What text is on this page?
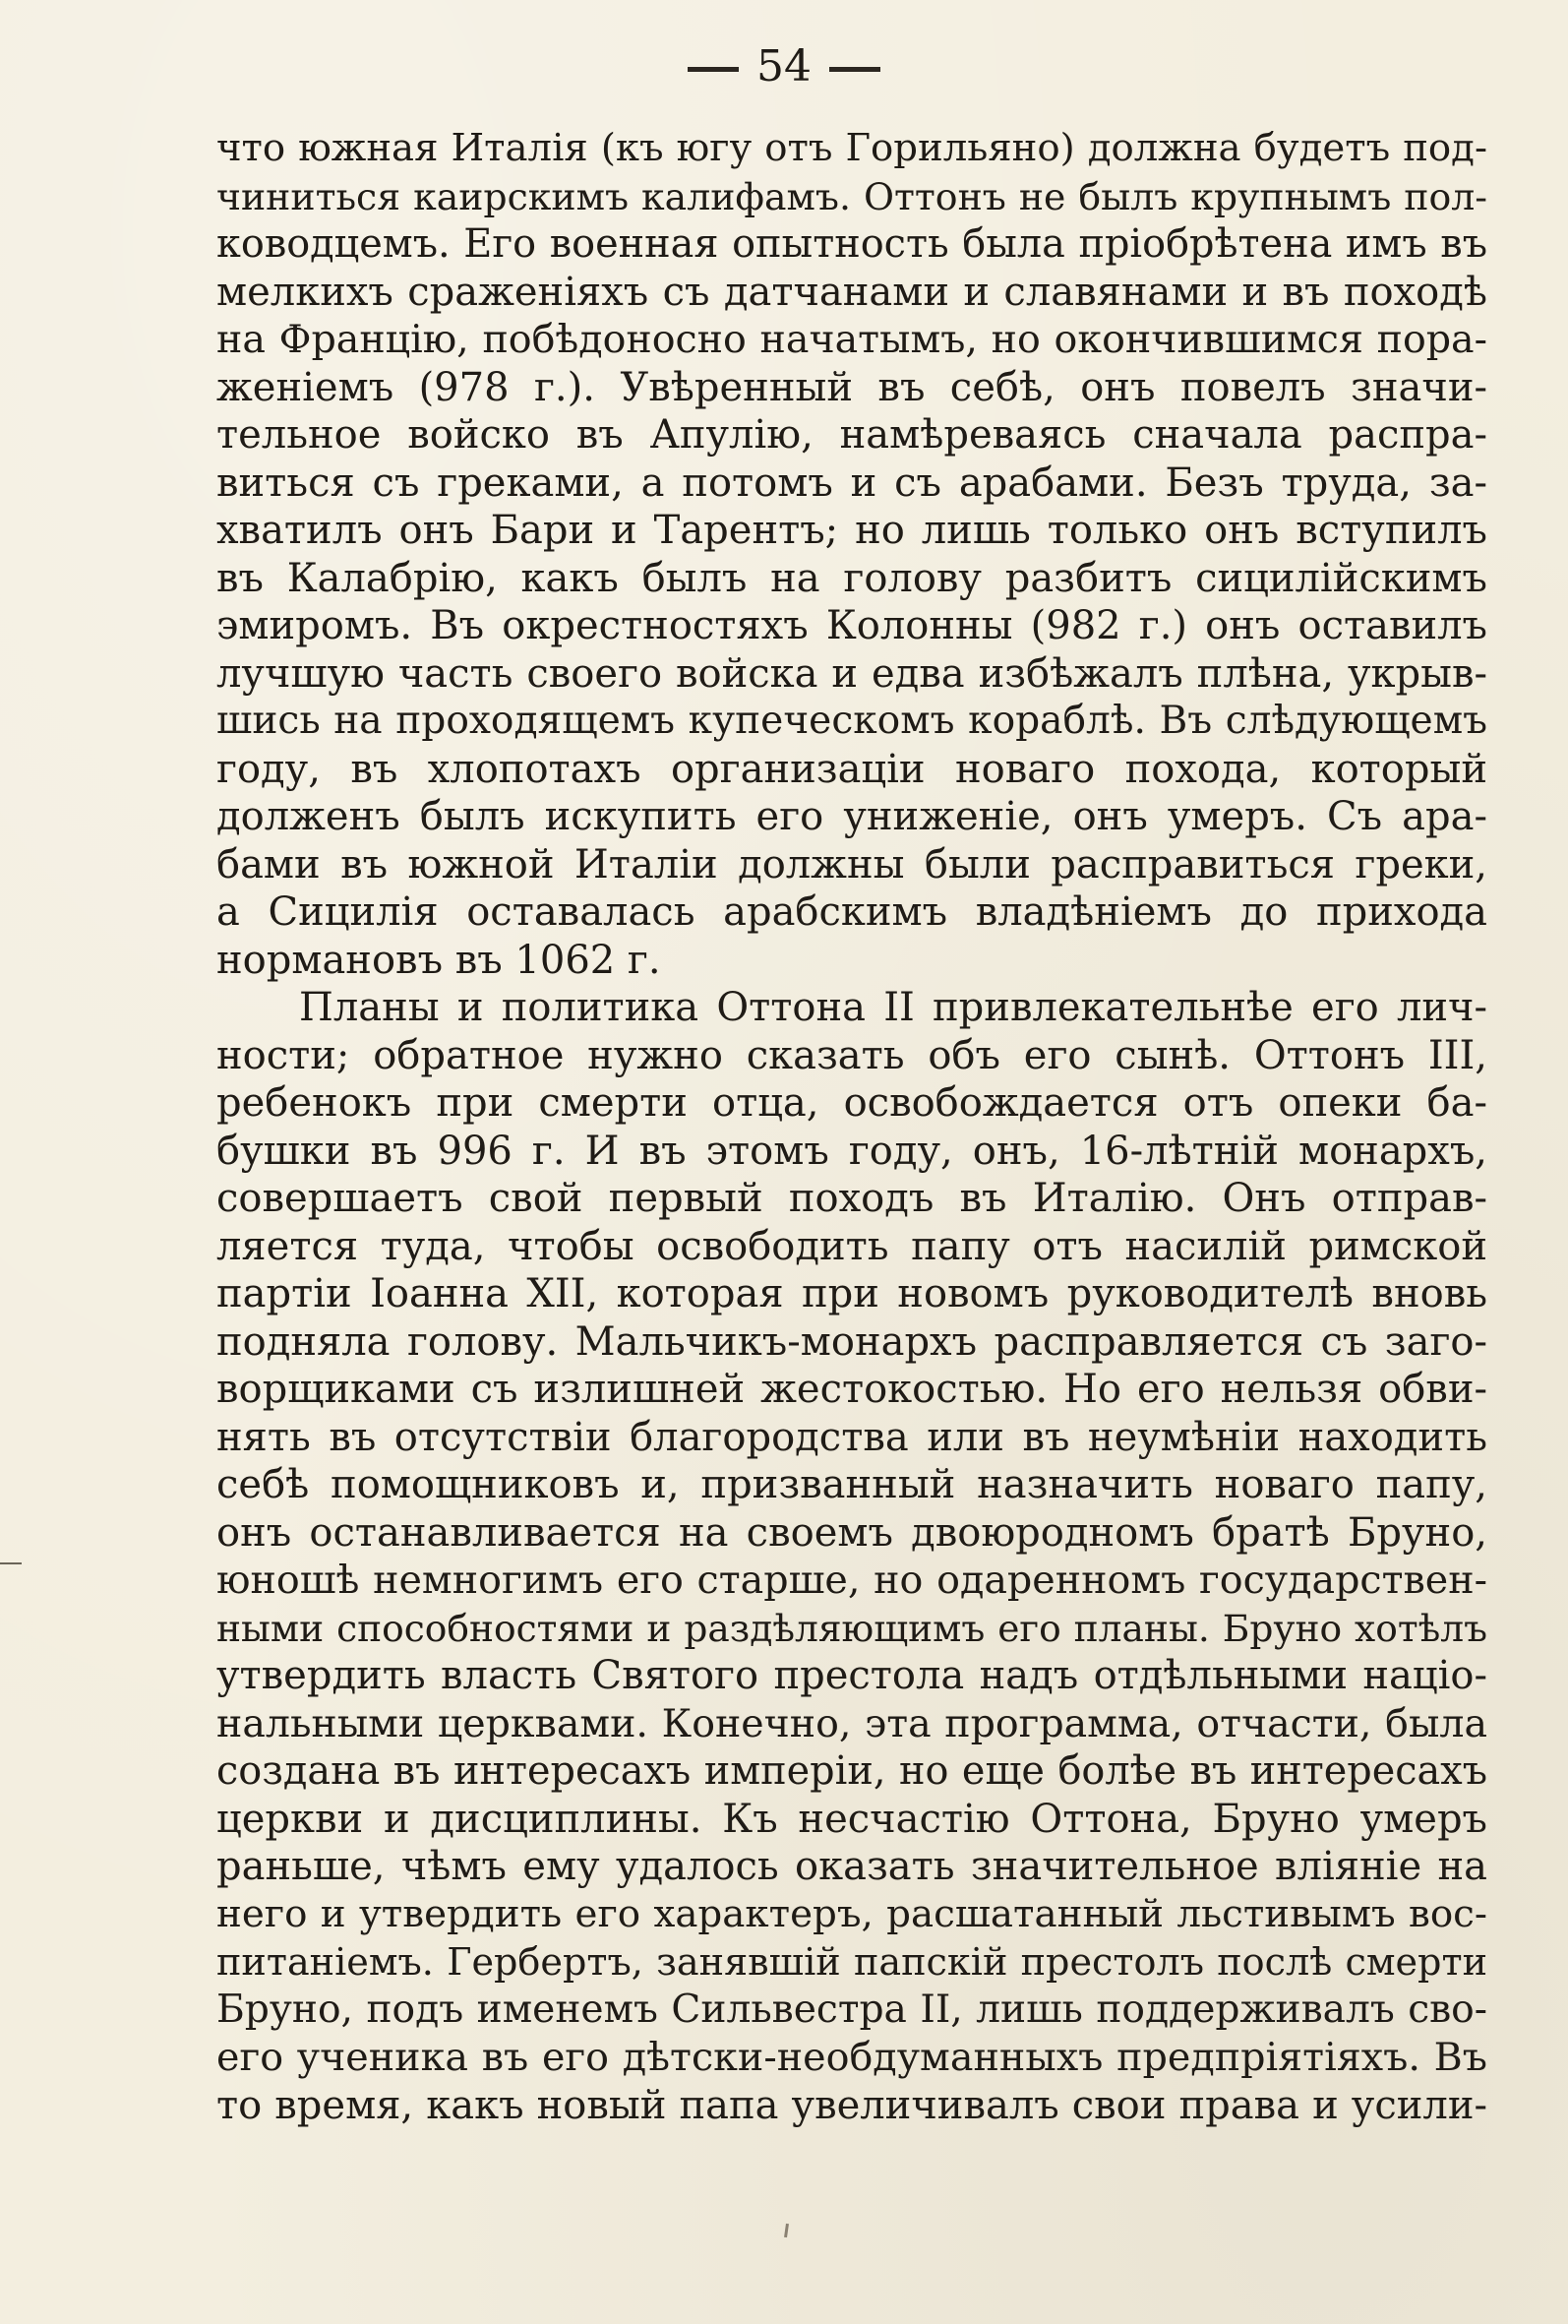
54
что южная Италія (къ югу отъ Горильяно) должна будетъ под-
чиниться каирскимъ калифамъ. Оттонъ не былъ крупнымъ пол-
ководцемъ. Его военная опытность была пріобрѣтена имъ въ
мелкихъ сраженіяхъ съ датчанами и славянами и въ походѣ
на Францію, побѣдоносно начатымъ, но окончившимся пора-
женіемъ (978 г.). Увѣренный въ себѣ, онъ повелъ значи-
тельное войско въ Апулію, намѣреваясь сначала распра-
виться съ греками, а потомъ и съ арабами. Безъ труда, за-
хватилъ онъ Бари и Тарентъ; но лишь только онъ вступилъ
въ Калабрію, какъ былъ на голову разбитъ сицилійскимъ
эмиромъ. Въ окрестностяхъ Колонны (982 г.) онъ оставилъ
лучшую часть своего войска и едва избѣжалъ плѣна, укрыв-
шись на проходящемъ купеческомъ кораблѣ. Въ слѣдующемъ
году, въ хлопотахъ организаціи новаго похода, который
долженъ былъ искупить его униженіе, онъ умеръ. Съ ара-
бами въ южной Италіи должны были расправиться греки,
а Сицилія оставалась арабскимъ владѣніемъ до прихода
нормановъ въ 1062 г.
Планы и политика Оттона II привлекательнѣе его лич-
ности; обратное нужно сказать объ его сынѣ. Оттонъ III,
ребенокъ при смерти отца, освобождается отъ опеки ба-
бушки въ 996 г. И въ этомъ году, онъ, 16-лѣтній монархъ,
совершаетъ свой первый походъ въ Италію. Онъ отправ-
ляется туда, чтобы освободить папу отъ насилій римской
партіи Іоанна XII, которая при новомъ руководителѣ вновь
подняла голову. Мальчикъ-монархъ расправляется съ заго-
ворщиками съ излишней жестокостью. Но его нельзя обви-
нять въ отсутствіи благородства или въ неумѣніи находить
себѣ помощниковъ и, призванный назначить новаго папу,
онъ останавливается на своемъ двоюродномъ братѣ Бруно,
юношѣ немногимъ его старше, но одаренномъ государствен-
ными способностями и раздѣляющимъ его планы. Бруно хотѣлъ
утвердить власть Святого престола надъ отдѣльными націо-
нальными церквами. Конечно, эта программа, отчасти, была
создана въ интересахъ имперіи, но еще болѣе въ интересахъ
церкви и дисциплины. Къ несчастію Оттона, Бруно умеръ
раньше, чѣмъ ему удалось оказать значительное вліяніе на
него и утвердить его характеръ, расшатанный льстивымъ вос-
питаніемъ. Гербертъ, занявшій папскій престолъ послѣ смерти
Бруно, подъ именемъ Сильвестра II, лишь поддерживалъ сво-
его ученика въ его дѣтски-необдуманныхъ предпріятіяхъ. Въ
то время, какъ новый папа увеличивалъ свои права и усили-
